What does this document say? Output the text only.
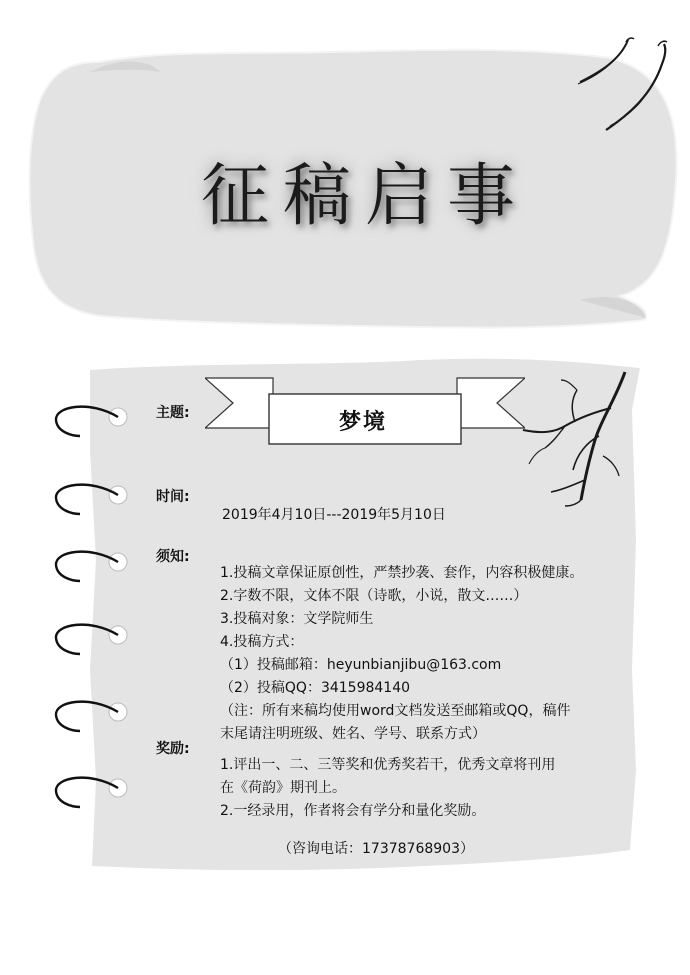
征稿启事
梦境
主题:
时间:
须知:
奖励:
2019年4月10日---2019年5月10日
1.投稿文章保证原创性，严禁抄袭、套作，内容积极健康。
2.字数不限，文体不限（诗歌，小说，散文……）
3.投稿对象：文学院师生
4.投稿方式：
（1）投稿邮箱：heyunbianjibu@163.com
（2）投稿QQ：3415984140
（注：所有来稿均使用word文档发送至邮箱或QQ，稿件
末尾请注明班级、姓名、学号、联系方式）
1.评出一、二、三等奖和优秀奖若干，优秀文章将刊用
在《荷韵》期刊上。
2.一经录用，作者将会有学分和量化奖励。
（咨询电话：17378768903）
